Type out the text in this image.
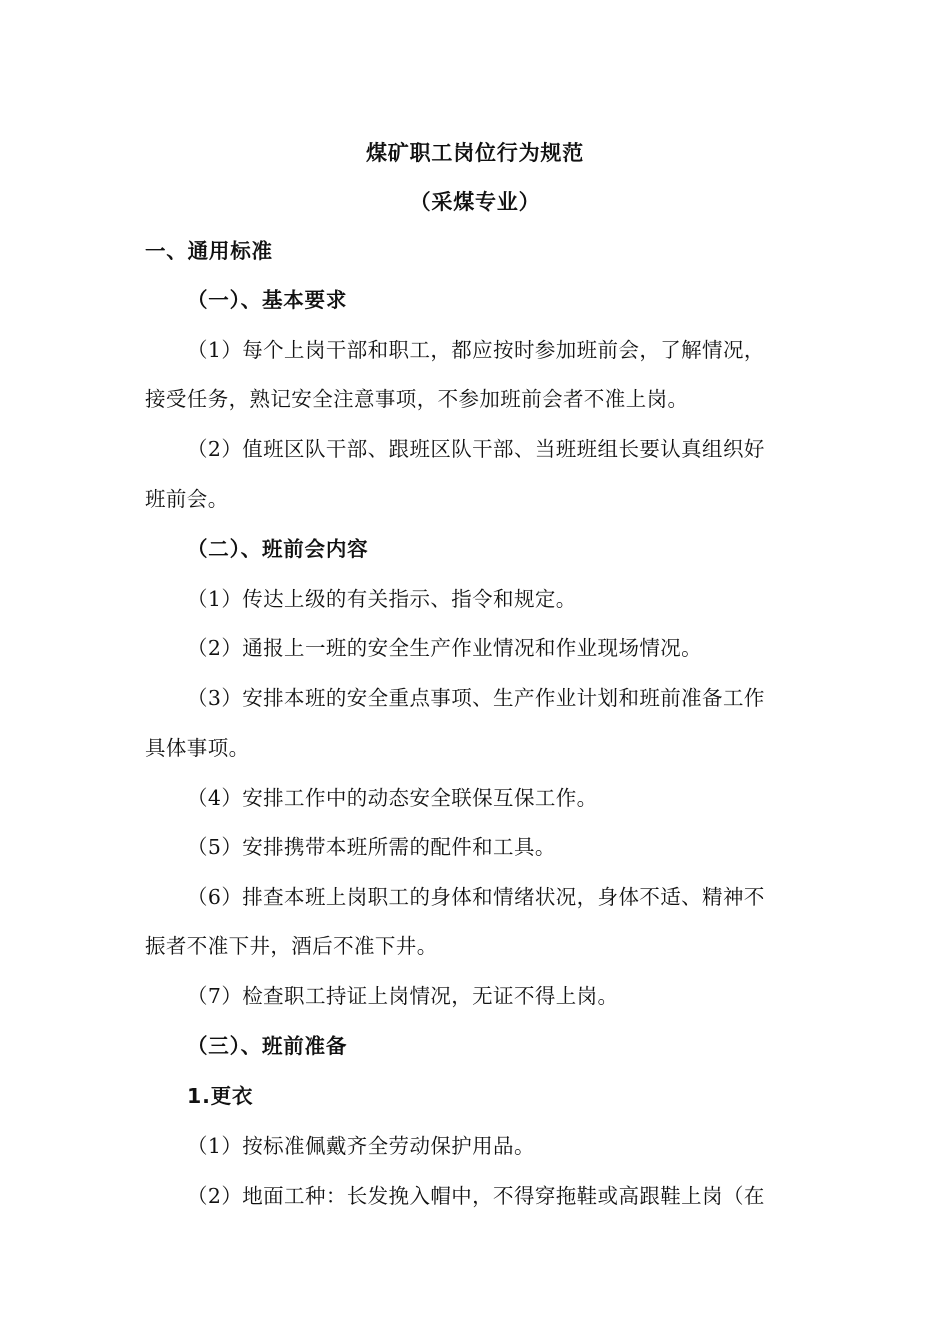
煤矿职工岗位行为规范
（采煤专业）
一、通用标准
（一）、基本要求
（1）每个上岗干部和职工，都应按时参加班前会，了解情况，
接受任务，熟记安全注意事项，不参加班前会者不准上岗。
（2）值班区队干部、跟班区队干部、当班班组长要认真组织好
班前会。
（二）、班前会内容
（1）传达上级的有关指示、指令和规定。
（2）通报上一班的安全生产作业情况和作业现场情况。
（3）安排本班的安全重点事项、生产作业计划和班前准备工作
具体事项。
（4）安排工作中的动态安全联保互保工作。
（5）安排携带本班所需的配件和工具。
（6）排查本班上岗职工的身体和情绪状况，身体不适、精神不
振者不准下井，酒后不准下井。
（7）检查职工持证上岗情况，无证不得上岗。
（三）、班前准备
1.更衣
（1）按标准佩戴齐全劳动保护用品。
（2）地面工种：长发挽入帽中，不得穿拖鞋或高跟鞋上岗（在
